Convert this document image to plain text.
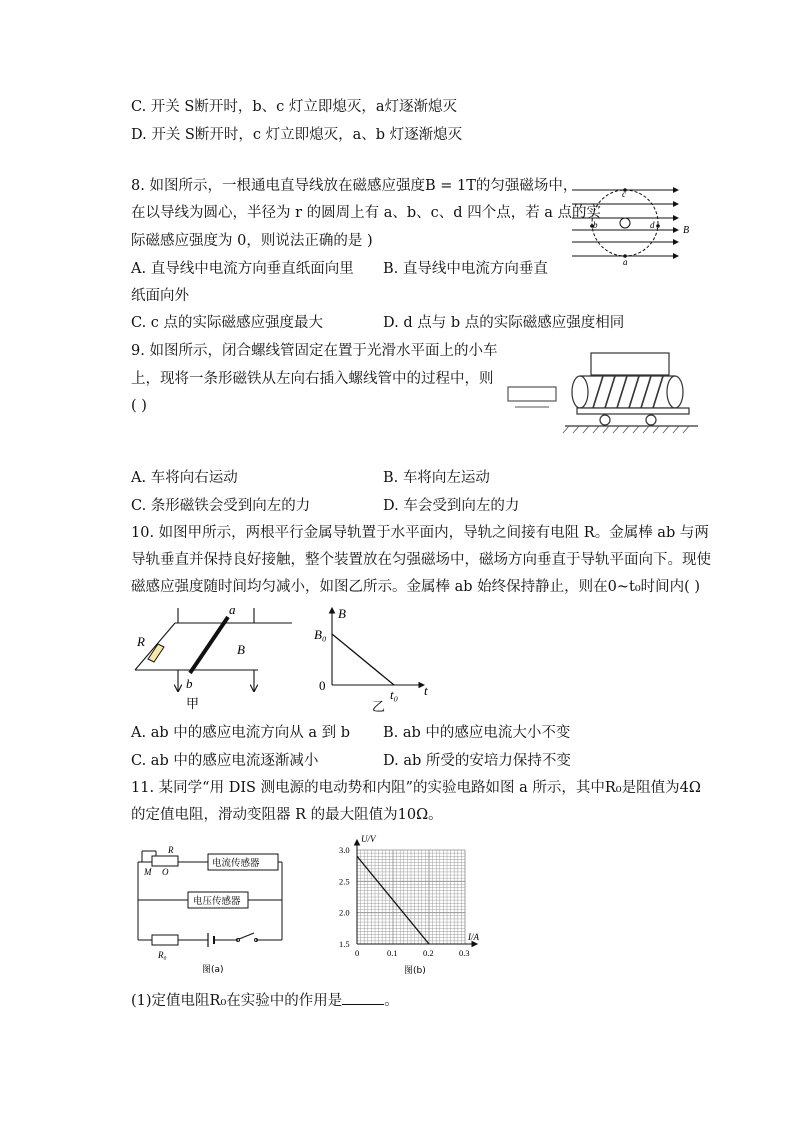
C. 开关 S断开时，b、c 灯立即熄灭，a灯逐渐熄灭
D. 开关 S断开时，c 灯立即熄灭，a、b 灯逐渐熄灭
8. 如图所示，一根通电直导线放在磁感应强度B = 1T的匀强磁场中，
在以导线为圆心，半径为 r 的圆周上有 a、b、c、d 四个点，若 a 点的实
际磁感应强度为 0，则说法正确的是 )
A. 直导线中电流方向垂直纸面向里 B. 直导线中电流方向垂直
纸面向外
C. c 点的实际磁感应强度最大	D. d 点与 b 点的实际磁感应强度相同
c
b	d
a
B
9. 如图所示，闭合螺线管固定在置于光滑水平面上的小车
上，现将一条形磁铁从左向右插入螺线管中的过程中，则
( )
A. 车将向右运动	B. 车将向左运动
C. 条形磁铁会受到向左的力	D. 车会受到向左的力
10. 如图甲所示，两根平行金属导轨置于水平面内，导轨之间接有电阻 R。金属棒 ab 与两
导轨垂直并保持良好接触，整个装置放在匀强磁场中，磁场方向垂直于导轨平面向下。现使
磁感应强度随时间均匀减小，如图乙所示。金属棒 ab 始终保持静止，则在0~t₀时间内( )
R
a
b
B
甲
B
B₀
0
t₀ t
乙
A. ab 中的感应电流方向从 a 到 b B. ab 中的感应电流大小不变
C. ab 中的感应电流逐渐减小	D. ab 所受的安培力保持不变
11. 某同学“用 DIS 测电源的电动势和内阻”的实验电路如图 a 所示，其中R₀是阻值为4Ω
的定值电阻，滑动变阻器 R 的最大阻值为10Ω。
R
M O
电流传感器
电压传感器
R₀
图(a)
3.0
2.5
2.0
1.5
0	0.1	0.2	0.3
U/V
I/A
图(b)
(1)定值电阻R₀在实验中的作用是	。
